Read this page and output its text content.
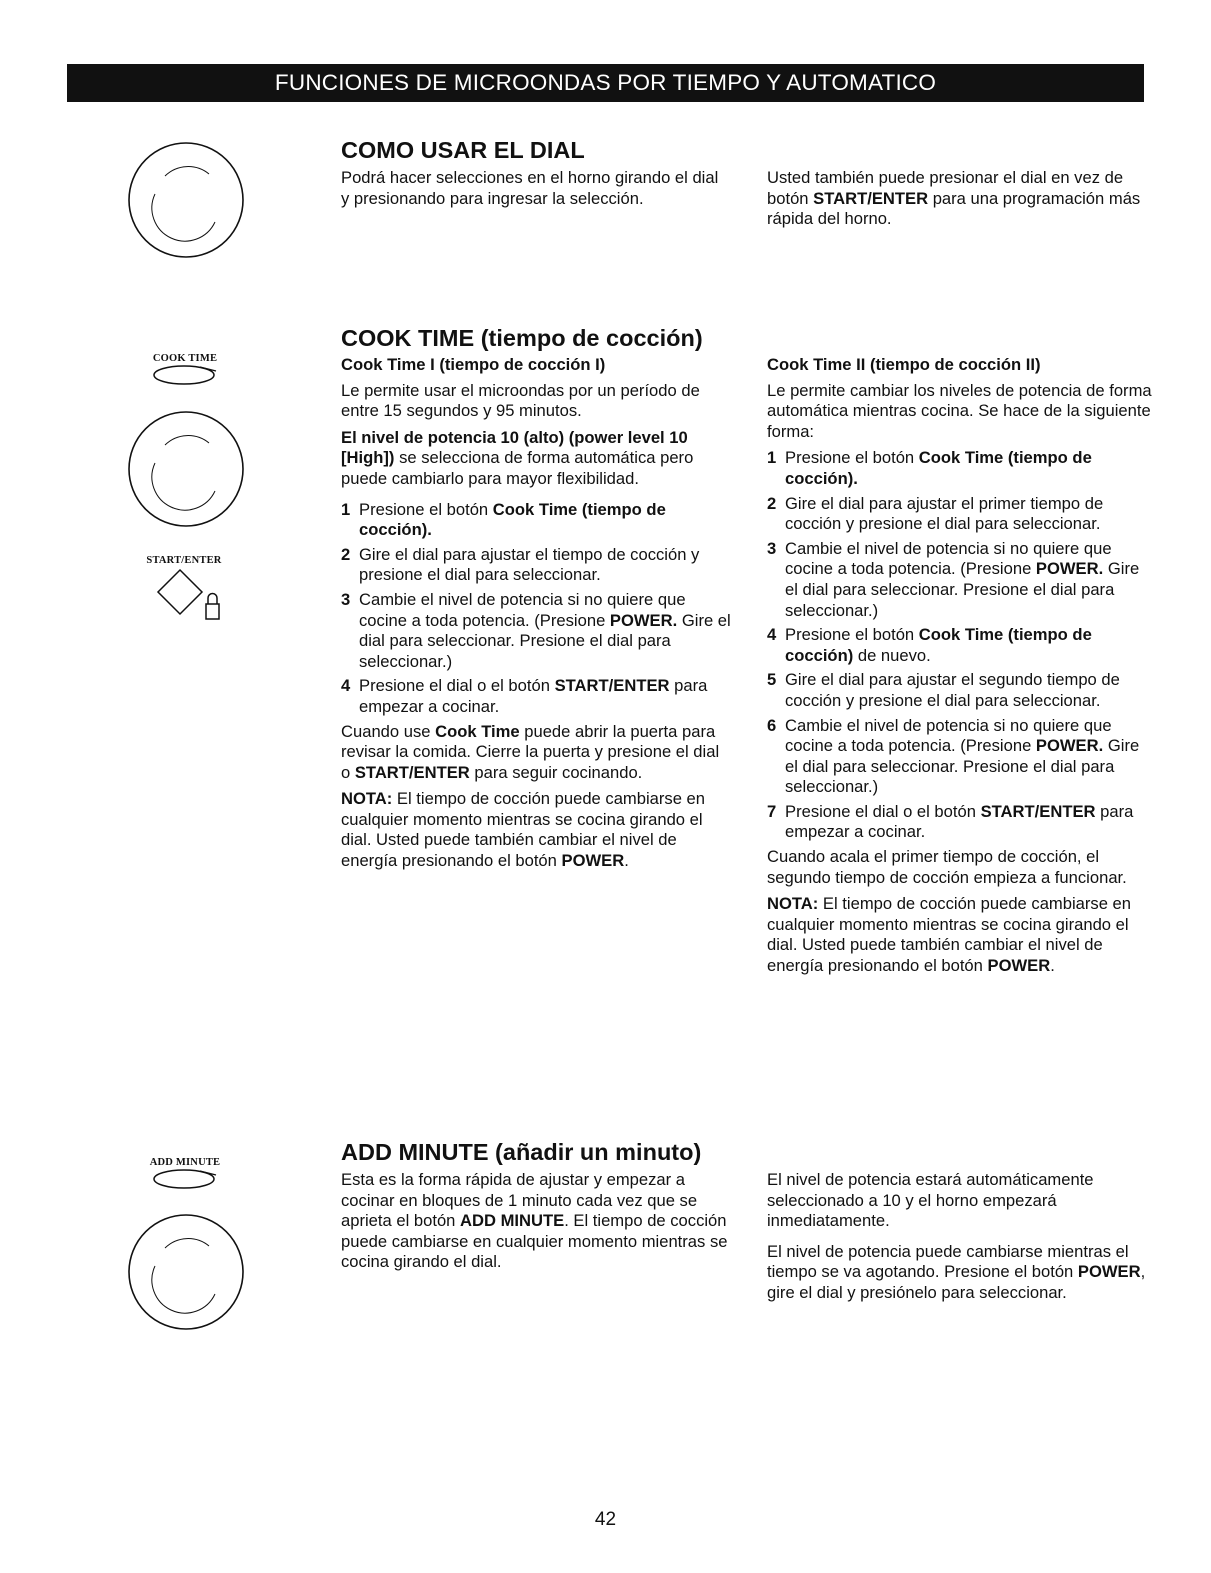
FUNCIONES DE MICROONDAS POR TIEMPO Y AUTOMATICO
COMO USAR EL DIAL

Podrá hacer selecciones en el horno girando el dial y presionando para ingresar la selección.

Usted también puede presionar el dial en vez de botón START/ENTER para una programación más rápida del horno.

COOK TIME
START/ENTER
COOK TIME (tiempo de cocción)

Cook Time I (tiempo de cocción I)

Le permite usar el microondas por un período de entre 15 segundos y 95 minutos.

El nivel de potencia 10 (alto) (power level 10 [High]) se selecciona de forma automática pero puede cambiarlo para mayor flexibilidad.

1 Presione el botón Cook Time (tiempo de cocción).
2 Gire el dial para ajustar el tiempo de cocción y presione el dial para seleccionar.
3 Cambie el nivel de potencia si no quiere que cocine a toda potencia. (Presione POWER. Gire el dial para seleccionar. Presione el dial para seleccionar.)
4 Presione el dial o el botón START/ENTER para empezar a cocinar.

Cuando use Cook Time puede abrir la puerta para revisar la comida. Cierre la puerta y presione el dial o START/ENTER para seguir cocinando.

NOTA: El tiempo de cocción puede cambiarse en cualquier momento mientras se cocina girando el dial. Usted puede también cambiar el nivel de energía presionando el botón POWER.

Cook Time II (tiempo de cocción II)

Le permite cambiar los niveles de potencia de forma automática mientras cocina. Se hace de la siguiente forma:

1 Presione el botón Cook Time (tiempo de cocción).
2 Gire el dial para ajustar el primer tiempo de cocción y presione el dial para seleccionar.
3 Cambie el nivel de potencia si no quiere que cocine a toda potencia. (Presione POWER. Gire el dial para seleccionar. Presione el dial para seleccionar.)
4 Presione el botón Cook Time (tiempo de cocción) de nuevo.
5 Gire el dial para ajustar el segundo tiempo de cocción y presione el dial para seleccionar.
6 Cambie el nivel de potencia si no quiere que cocine a toda potencia. (Presione POWER. Gire el dial para seleccionar. Presione el dial para seleccionar.)
7 Presione el dial o el botón START/ENTER para empezar a cocinar.

Cuando acala el primer tiempo de cocción, el segundo tiempo de cocción empieza a funcionar.

NOTA: El tiempo de cocción puede cambiarse en cualquier momento mientras se cocina girando el dial. Usted puede también cambiar el nivel de energía presionando el botón POWER.

ADD MINUTE	ADD MINUTE (añadir un minuto)

Esta es la forma rápida de ajustar y empezar a cocinar en bloques de 1 minuto cada vez que se aprieta el botón ADD MINUTE. El tiempo de cocción puede cambiarse en cualquier momento mientras se cocina girando el dial.

El nivel de potencia estará automáticamente seleccionado a 10 y el horno empezará inmediatamente.

El nivel de potencia puede cambiarse mientras el tiempo se va agotando. Presione el botón POWER, gire el dial y presiónelo para seleccionar.

42
